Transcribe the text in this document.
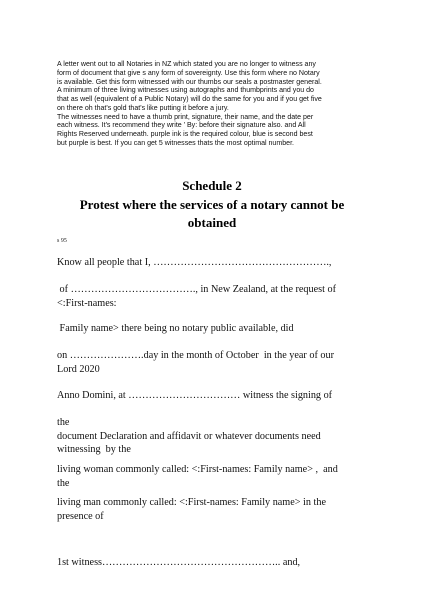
A letter went out to all Notaries in NZ which stated you are no longer to witness any

form of document that give s any form of sovereignty. Use this form where no Notary

is available. Get this form witnessed with our thumbs our seals a postmaster general.

A minimum of three living witnesses using autographs and thumbprints and you do

that as well (equivalent of a Public Notary) will do the same for you and if you get five

on there oh that's gold that's like putting it before a jury.

The witnesses need to have a thumb print, signature, their name, and the date per

each witness. It's recommend they write ' By: before their signature also. and All

Rights Reserved underneath. purple ink is the required colour, blue is second best

but purple is best. If you can get 5 witnesses thats the most optimal number.

Schedule 2
Protest where the services of a notary cannot be obtained
s 95
Know all people that I, …………………………………………….,
of ………………………………., in New Zealand, at the request of
<:First-names:
Family name> there being no notary public available, did
on ………………….day in the month of October  in the year of our
Lord 2020
Anno Domini, at …………………………… witness the signing of
the
document Declaration and affidavit or whatever documents need
witnessing  by the
living woman commonly called: <:First-names: Family name> ,  and
the
living man commonly called: <:First-names: Family name> in the
presence of
1st witness…………………………………………….. and,
